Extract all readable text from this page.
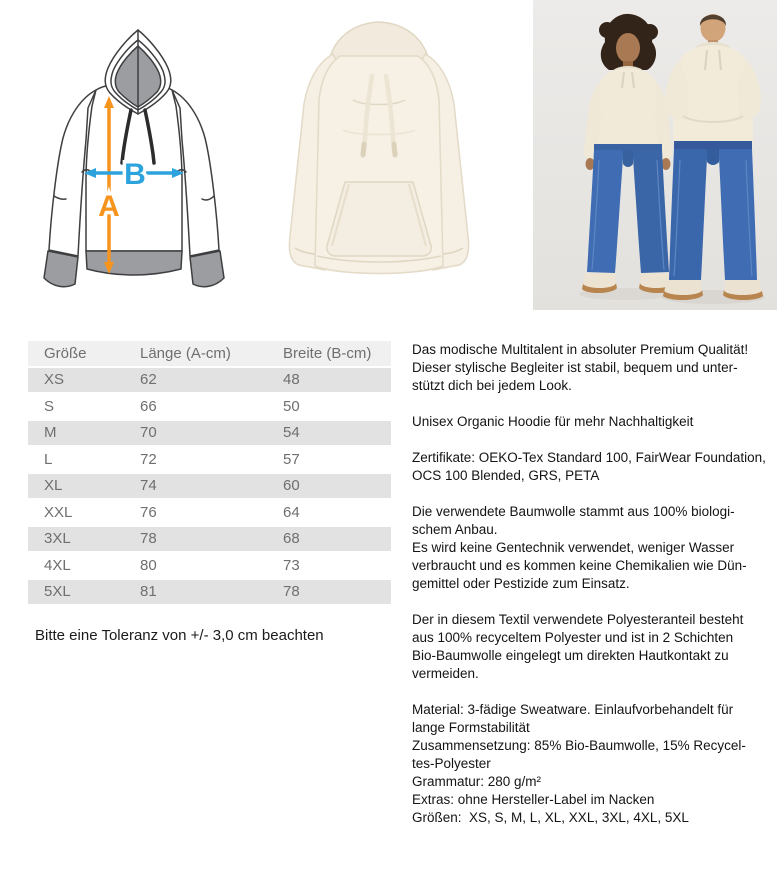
A
B
Größe	Länge (A-cm)	Breite (B-cm)
XS	62	48
S	66	50
M	70	54
L	72	57
XL	74	60
XXL	76	64
3XL	78	68
4XL	80	73
5XL	81	78
Bitte eine Toleranz von +/- 3,0 cm beachten

Das modische Multitalent in absoluter Premium Qualität!
Dieser stylische Begleiter ist stabil, bequem und unter-
stützt dich bei jedem Look.

Unisex Organic Hoodie für mehr Nachhaltigkeit

Zertifikate: OEKO-Tex Standard 100, FairWear Foundation,
OCS 100 Blended, GRS, PETA

Die verwendete Baumwolle stammt aus 100% biologi-
schem Anbau.
Es wird keine Gentechnik verwendet, weniger Wasser
verbraucht und es kommen keine Chemikalien wie Dün-
gemittel oder Pestizide zum Einsatz.

Der in diesem Textil verwendete Polyesteranteil besteht
aus 100% recyceltem Polyester und ist in 2 Schichten
Bio-Baumwolle eingelegt um direkten Hautkontakt zu
vermeiden.

Material: 3-fädige Sweatware. Einlaufvorbehandelt für
lange Formstabilität
Zusammensetzung: 85% Bio-Baumwolle, 15% Recycel-
tes-Polyester
Grammatur: 280 g/m²
Extras: ohne Hersteller-Label im Nacken
Größen:  XS, S, M, L, XL, XXL, 3XL, 4XL, 5XL
